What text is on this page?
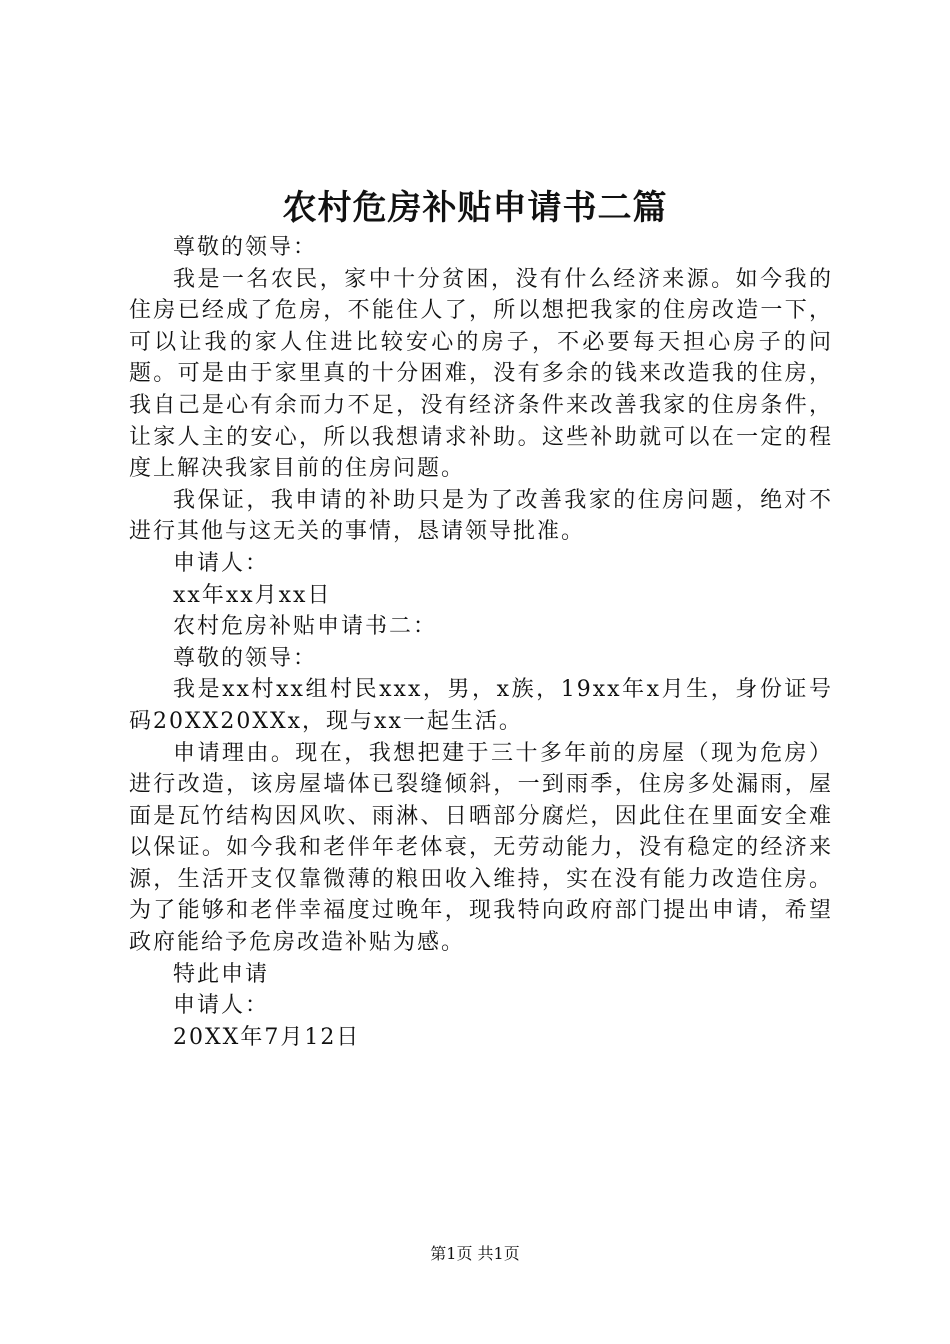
农村危房补贴申请书二篇

尊敬的领导：

我是一名农民，家中十分贫困，没有什么经济来源。如今我的住房已经成了危房，不能住人了，所以想把我家的住房改造一下，可以让我的家人住进比较安心的房子，不必要每天担心房子的问题。可是由于家里真的十分困难，没有多余的钱来改造我的住房，我自己是心有余而力不足，没有经济条件来改善我家的住房条件，让家人主的安心，所以我想请求补助。这些补助就可以在一定的程度上解决我家目前的住房问题。

我保证，我申请的补助只是为了改善我家的住房问题，绝对不进行其他与这无关的事情，恳请领导批准。

申请人：

xx年xx月xx日

农村危房补贴申请书二：

尊敬的领导：

我是xx村xx组村民xxx，男，x族，19xx年x月生，身份证号码20XX20XXx，现与xx一起生活。

申请理由。现在，我想把建于三十多年前的房屋（现为危房）进行改造，该房屋墙体已裂缝倾斜，一到雨季，住房多处漏雨，屋面是瓦竹结构因风吹、雨淋、日晒部分腐烂，因此住在里面安全难以保证。如今我和老伴年老体衰，无劳动能力，没有稳定的经济来源，生活开支仅靠微薄的粮田收入维持，实在没有能力改造住房。为了能够和老伴幸福度过晚年，现我特向政府部门提出申请，希望政府能给予危房改造补贴为感。

特此申请

申请人：

20XX年7月12日

第1页 共1页
